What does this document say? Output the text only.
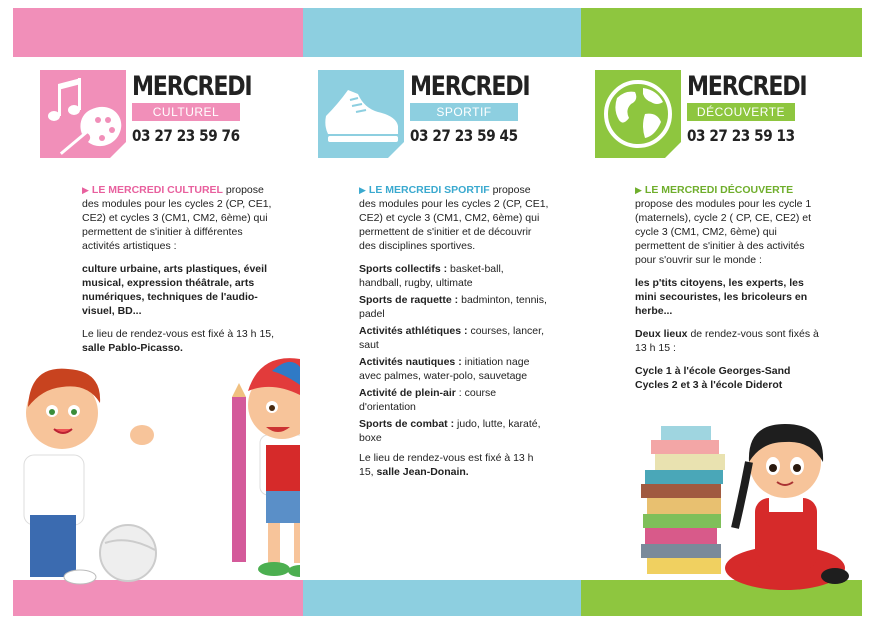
MERCREDI
CULTUREL
03 27 23 59 76

▶ LE MERCREDI CULTUREL propose des modules pour les cycles 2 (CP, CE1, CE2) et cycles 3 (CM1, CM2, 6ème) qui permettent de s'initier à différentes activités artistiques :

culture urbaine, arts plastiques, éveil musical, expression théâtrale, arts numériques, techniques de l'audio-visuel, BD...

Le lieu de rendez-vous est fixé à 13 h 15, salle Pablo-Picasso.

MERCREDI
SPORTIF
03 27 23 59 45

▶ LE MERCREDI SPORTIF propose des modules pour les cycles 2 (CP, CE1, CE2) et cycle 3 (CM1, CM2, 6ème) qui permettent de s'initier et de découvrir des disciplines sportives.

Sports collectifs : basket-ball, handball, rugby, ultimate

Sports de raquette : badminton, tennis, padel

Activités athlétiques : courses, lancer, saut

Activités nautiques : initiation nage avec palmes, water-polo, sauvetage

Activité de plein-air : course d'orientation

Sports de combat : judo, lutte, karaté, boxe

Le lieu de rendez-vous est fixé à 13 h 15, salle Jean-Donain.

MERCREDI
DÉCOUVERTE
03 27 23 59 13

▶ LE MERCREDI DÉCOUVERTE
propose des modules pour les cycle 1 (maternels), cycle 2 ( CP, CE, CE2) et cycle 3 (CM1, CM2, 6ème) qui permettent de s'initier à des activités pour s'ouvrir sur le monde :

les p'tits citoyens, les experts, les mini secouristes, les bricoleurs en herbe...

Deux lieux de rendez-vous sont fixés à 13 h 15 :

Cycle 1 à l'école Georges-Sand

Cycles 2 et 3 à l'école Diderot
